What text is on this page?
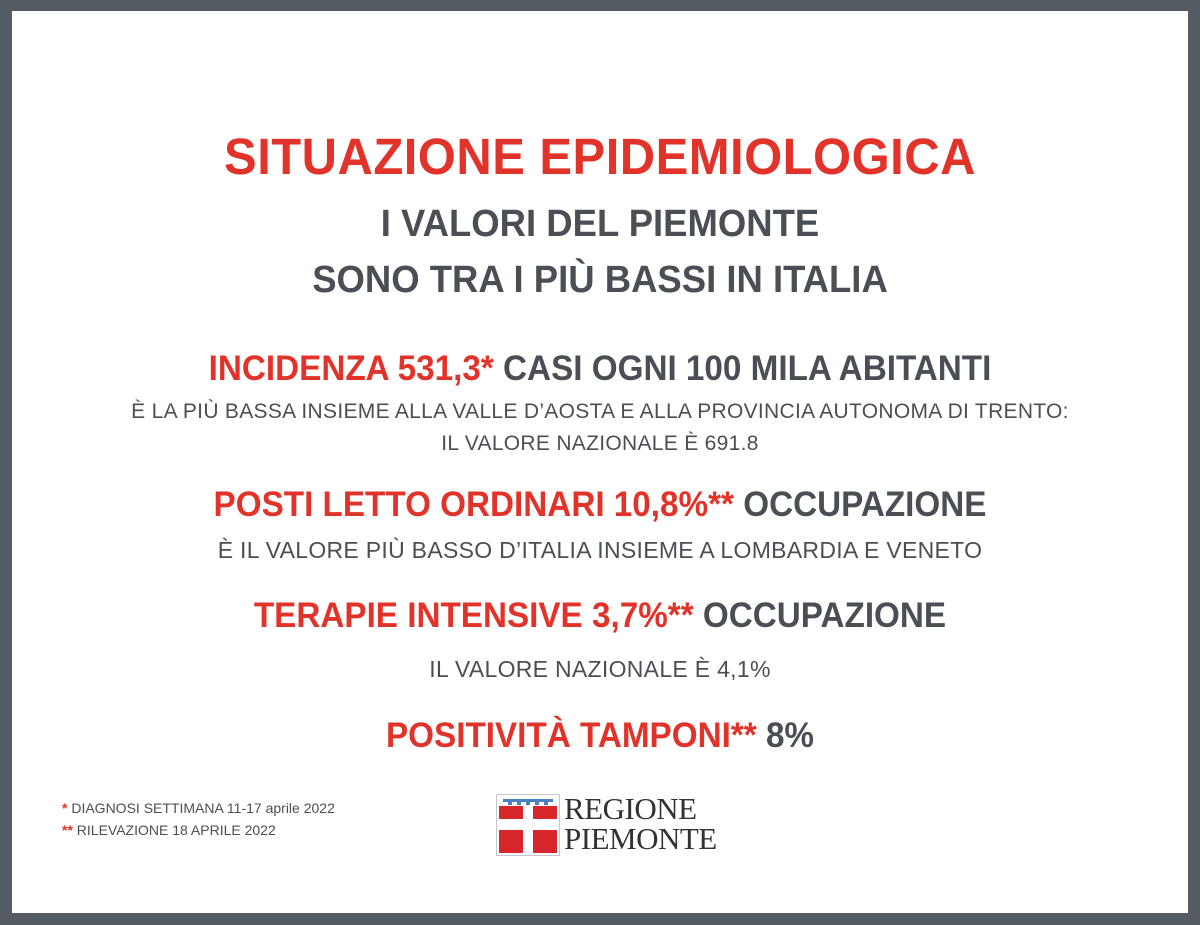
SITUAZIONE EPIDEMIOLOGICA
I VALORI DEL PIEMONTE
SONO TRA I PIÙ BASSI IN ITALIA
INCIDENZA 531,3* CASI OGNI 100 MILA ABITANTI
È LA PIÙ BASSA INSIEME ALLA VALLE D’AOSTA E ALLA PROVINCIA AUTONOMA DI TRENTO:
IL VALORE NAZIONALE È 691.8
POSTI LETTO ORDINARI 10,8%** OCCUPAZIONE
È IL VALORE PIÙ BASSO D’ITALIA INSIEME A LOMBARDIA E VENETO
TERAPIE INTENSIVE 3,7%** OCCUPAZIONE
IL VALORE NAZIONALE È 4,1%
POSITIVITÀ TAMPONI** 8%
* DIAGNOSI SETTIMANA 11-17 aprile 2022
** RILEVAZIONE 18 APRILE 2022
REGIONE
PIEMONTE
